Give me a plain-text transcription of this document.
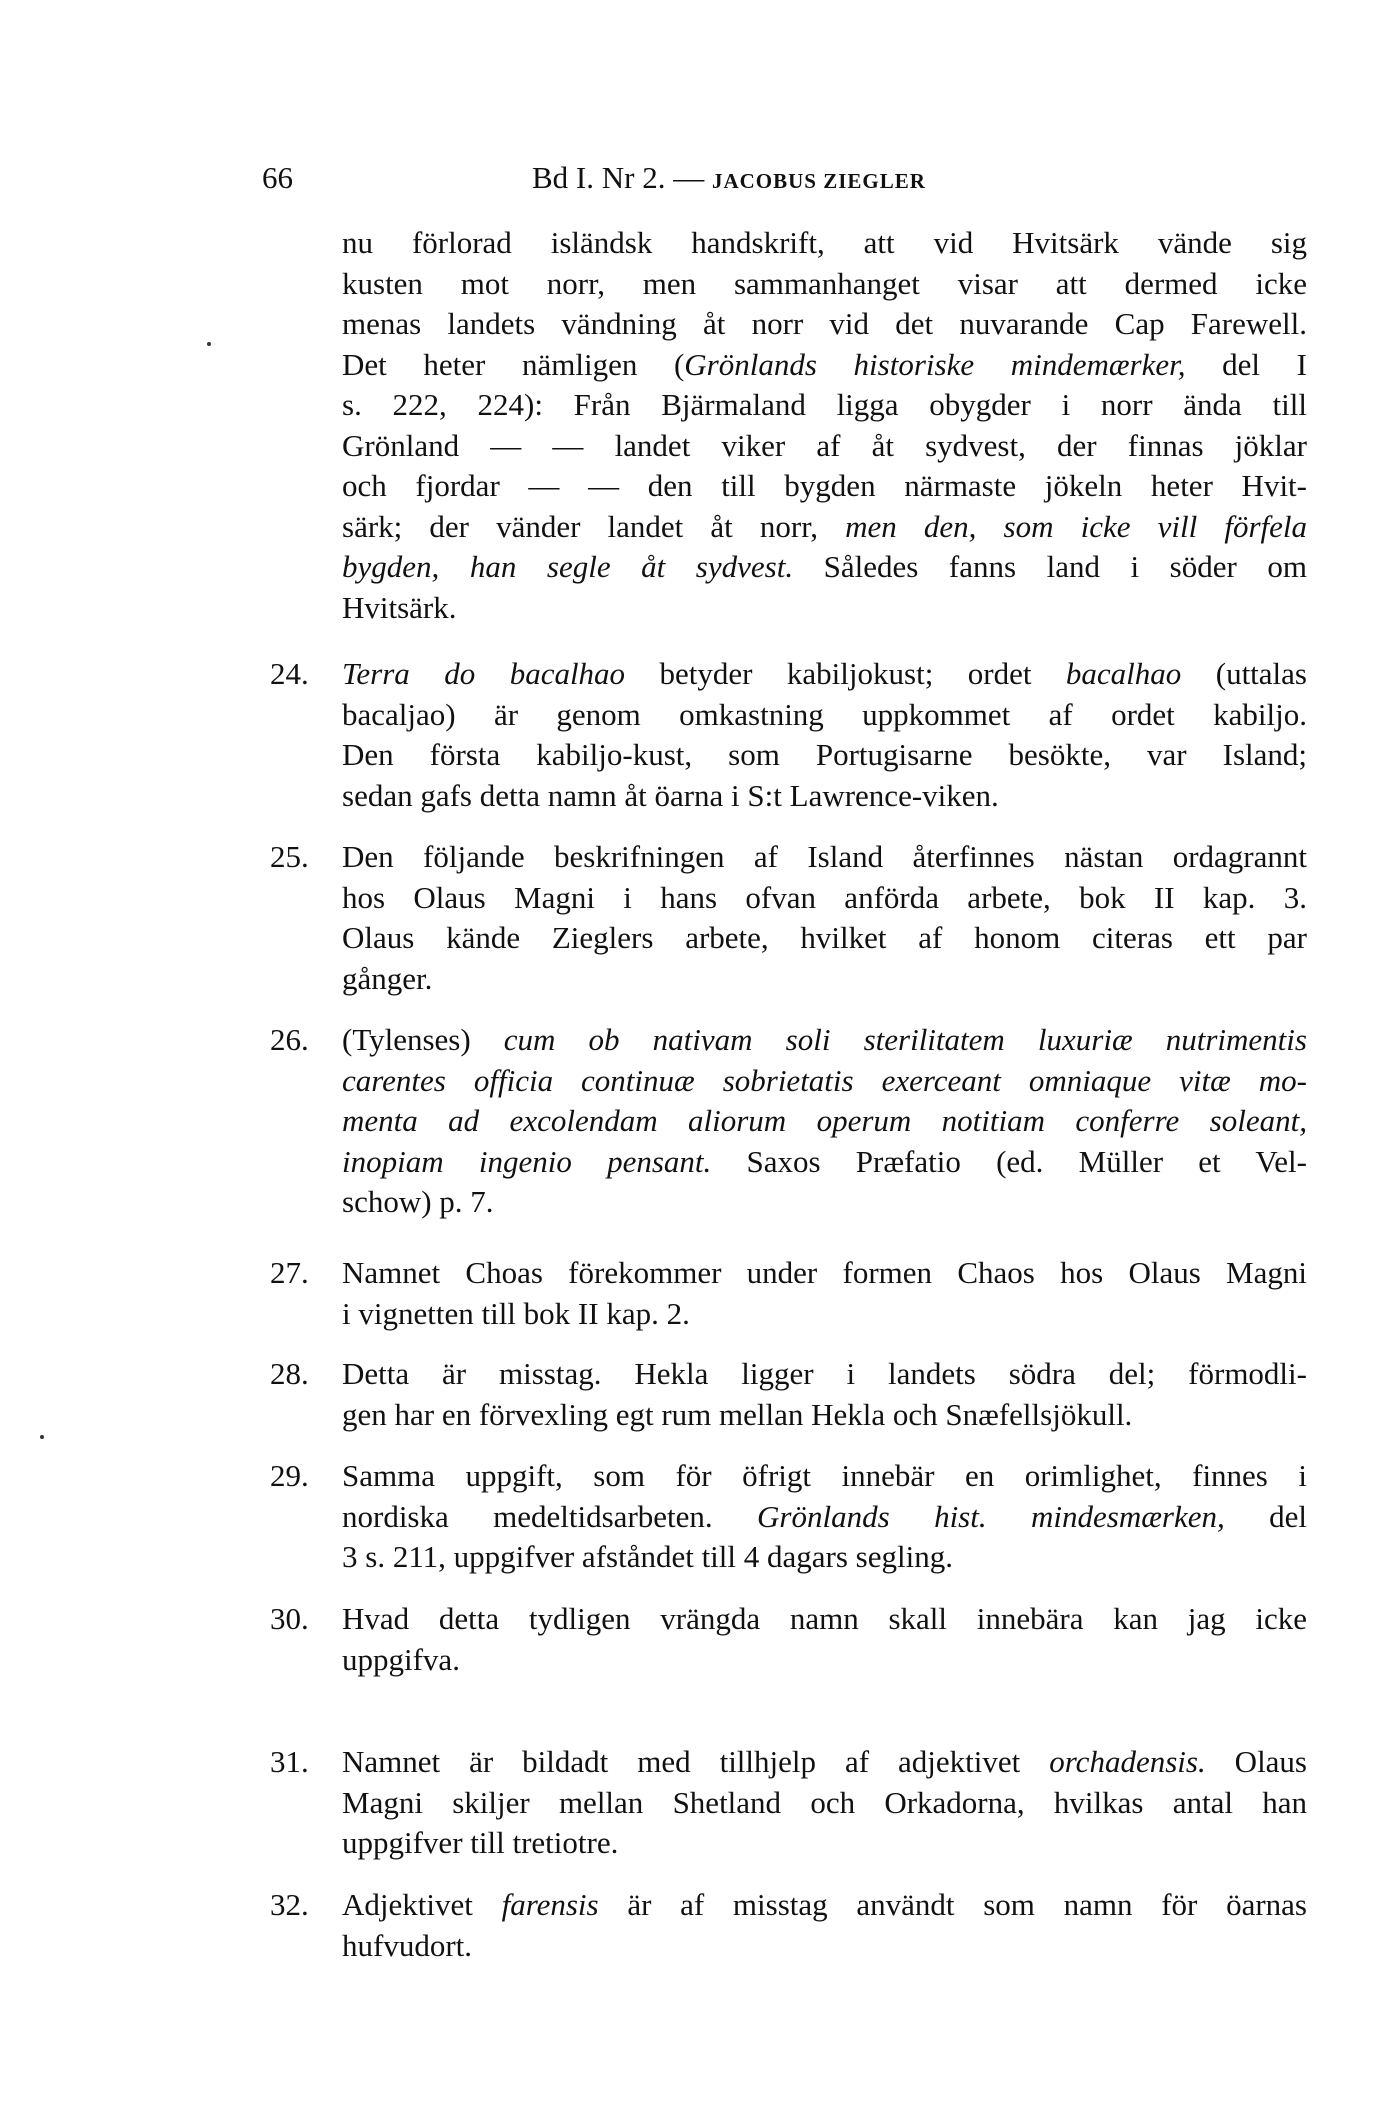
66	Bd I. Nr 2. — JACOBUS ZIEGLER
nu förlorad isländsk handskrift, att vid Hvitsärk vände sig
kusten mot norr, men sammanhanget visar att dermed icke
menas landets vändning åt norr vid det nuvarande Cap Farewell.
Det heter nämligen (Grönlands historiske mindemærker, del I
s. 222, 224): Från Bjärmaland ligga obygder i norr ända till
Grönland — — landet viker af åt sydvest, der finnas jöklar
och fjordar — — den till bygden närmaste jökeln heter Hvit-
särk; der vänder landet åt norr, men den, som icke vill förfela
bygden, han segle åt sydvest. Således fanns land i söder om
Hvitsärk.
24. Terra do bacalhao betyder kabiljokust; ordet bacalhao (uttalas
bacaljao) är genom omkastning uppkommet af ordet kabiljo.
Den första kabiljo-kust, som Portugisarne besökte, var Island;
sedan gafs detta namn åt öarna i S:t Lawrence-viken.
25. Den följande beskrifningen af Island återfinnes nästan ordagrannt
hos Olaus Magni i hans ofvan anförda arbete, bok II kap. 3.
Olaus kände Zieglers arbete, hvilket af honom citeras ett par
gånger.
26. (Tylenses) cum ob nativam soli sterilitatem luxuriæ nutrimentis
carentes officia continuæ sobrietatis exerceant omniaque vitæ mo-
menta ad excolendam aliorum operum notitiam conferre soleant,
inopiam ingenio pensant. Saxos Præfatio (ed. Müller et Vel-
schow) p. 7.
27. Namnet Choas förekommer under formen Chaos hos Olaus Magni
i vignetten till bok II kap. 2.
28. Detta är misstag. Hekla ligger i landets södra del; förmodli-
gen har en förvexling egt rum mellan Hekla och Snæfellsjökull.
29. Samma uppgift, som för öfrigt innebär en orimlighet, finnes i
nordiska medeltidsarbeten. Grönlands hist. mindesmærken, del
3 s. 211, uppgifver afståndet till 4 dagars segling.
30. Hvad detta tydligen vrängda namn skall innebära kan jag icke
uppgifva.
31. Namnet är bildadt med tillhjelp af adjektivet orchadensis. Olaus
Magni skiljer mellan Shetland och Orkadorna, hvilkas antal han
uppgifver till tretiotre.
32. Adjektivet farensis är af misstag användt som namn för öarnas
hufvudort.
